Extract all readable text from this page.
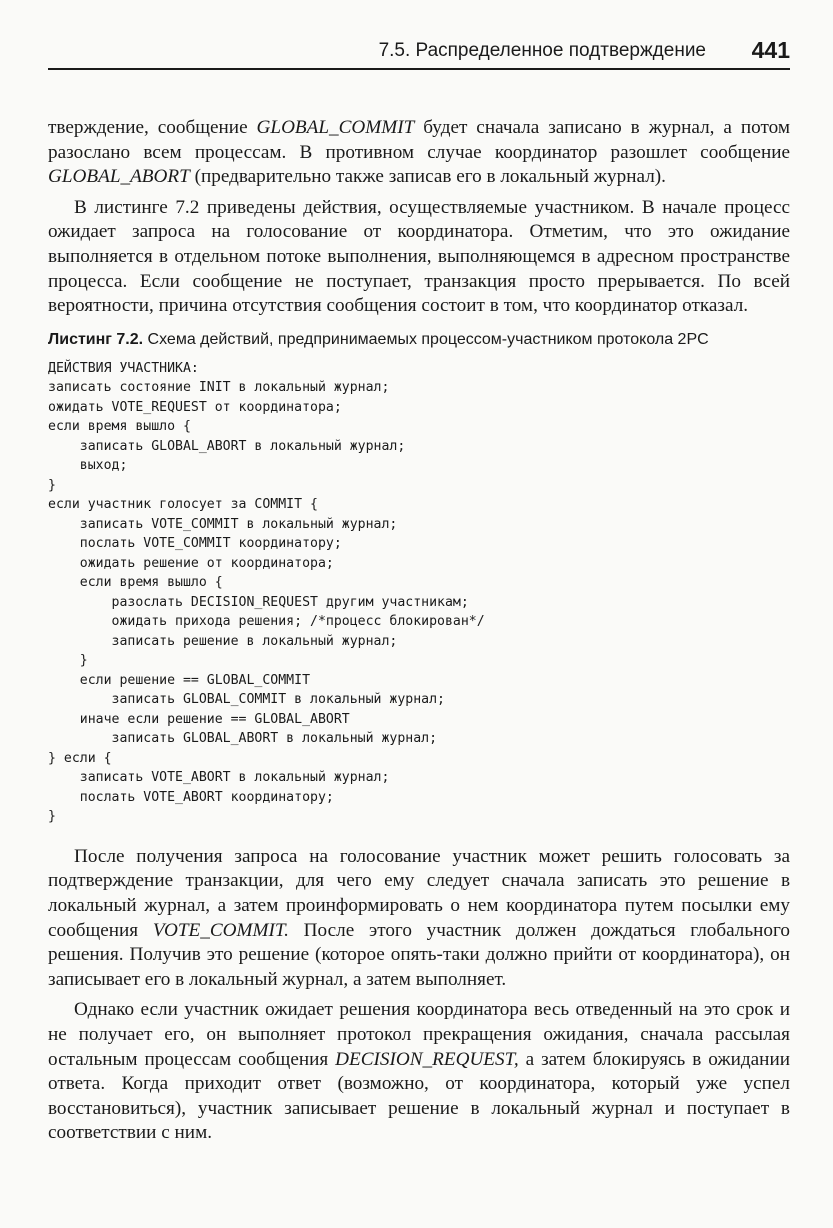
7.5. Распределенное подтверждение 441

тверждение, сообщение GLOBAL_COMMIT будет сначала записано в журнал, а потом разослано всем процессам. В противном случае координатор разошлет сообщение GLOBAL_ABORT (предварительно также записав его в локальный журнал).

В листинге 7.2 приведены действия, осуществляемые участником. В начале процесс ожидает запроса на голосование от координатора. Отметим, что это ожидание выполняется в отдельном потоке выполнения, выполняющемся в адресном пространстве процесса. Если сообщение не поступает, транзакция просто прерывается. По всей вероятности, причина отсутствия сообщения состоит в том, что координатор отказал.

Листинг 7.2. Схема действий, предпринимаемых процессом-участником протокола 2PC
ДЕЙСТВИЯ УЧАСТНИКА:
записать состояние INIT в локальный журнал;
ожидать VOTE_REQUEST от координатора;
если время вышло {
записать GLOBAL_ABORT в локальный журнал;
выход;
}
если участник голосует за COMMIT {
записать VOTE_COMMIT в локальный журнал;
послать VOTE_COMMIT координатору;
ожидать решение от координатора;
если время вышло {
разослать DECISION_REQUEST другим участникам;
ожидать прихода решения; /*процесс блокирован*/
записать решение в локальный журнал;
}
если решение == GLOBAL_COMMIT
записать GLOBAL_COMMIT в локальный журнал;
иначе если решение == GLOBAL_ABORT
записать GLOBAL_ABORT в локальный журнал;
} если {
записать VOTE_ABORT в локальный журнал;
послать VOTE_ABORT координатору;
}

После получения запроса на голосование участник может решить голосовать за подтверждение транзакции, для чего ему следует сначала записать это решение в локальный журнал, а затем проинформировать о нем координатора путем посылки ему сообщения VOTE_COMMIT. После этого участник должен дождаться глобального решения. Получив это решение (которое опять-таки должно прийти от координатора), он записывает его в локальный журнал, а затем выполняет.

Однако если участник ожидает решения координатора весь отведенный на это срок и не получает его, он выполняет протокол прекращения ожидания, сначала рассылая остальным процессам сообщения DECISION_REQUEST, а затем блокируясь в ожидании ответа. Когда приходит ответ (возможно, от координатора, который уже успел восстановиться), участник записывает решение в локальный журнал и поступает в соответствии с ним.
